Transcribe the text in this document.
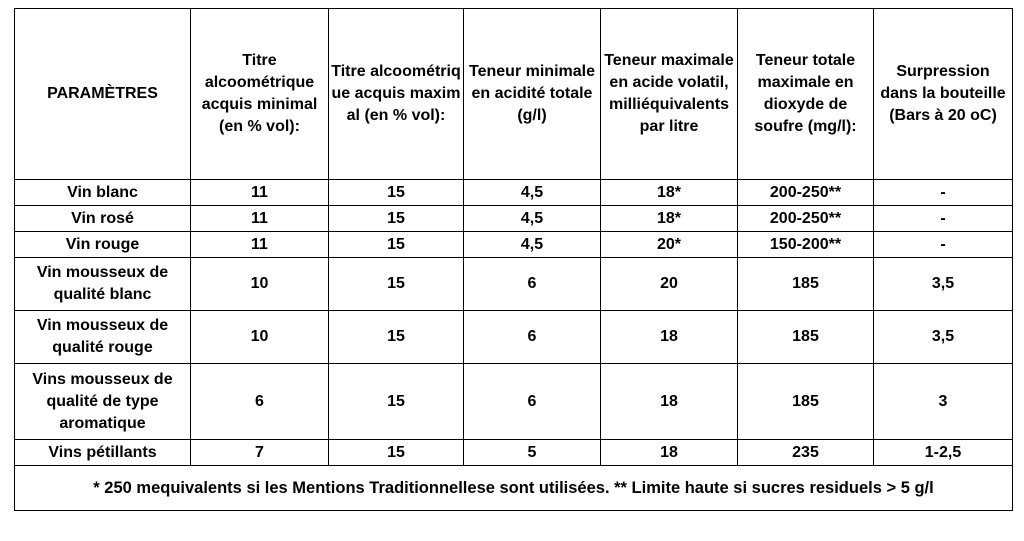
PARAMÈTRES	Titre alcoométrique acquis minimal (en % vol):	Titre alcoométrique acquis maximal (en % vol):	Teneur minimale en acidité totale (g/l)	Teneur maximale en acide volatil, milliéquivalents par litre	Teneur totale maximale en dioxyde de soufre (mg/l):	Surpression dans la bouteille (Bars à 20 oC)
Vin blanc	11	15	4,5	18*	200-250**	-
Vin rosé	11	15	4,5	18*	200-250**	-
Vin rouge	11	15	4,5	20*	150-200**	-
Vin mousseux de qualité blanc	10	15	6	20	185	3,5
Vin mousseux de qualité rouge	10	15	6	18	185	3,5
Vins mousseux de qualité de type aromatique	6	15	6	18	185	3
Vins pétillants	7	15	5	18	235	1-2,5
* 250 mequivalents si les Mentions Traditionnellese sont utilisées. ** Limite haute si sucres residuels > 5 g/l						
